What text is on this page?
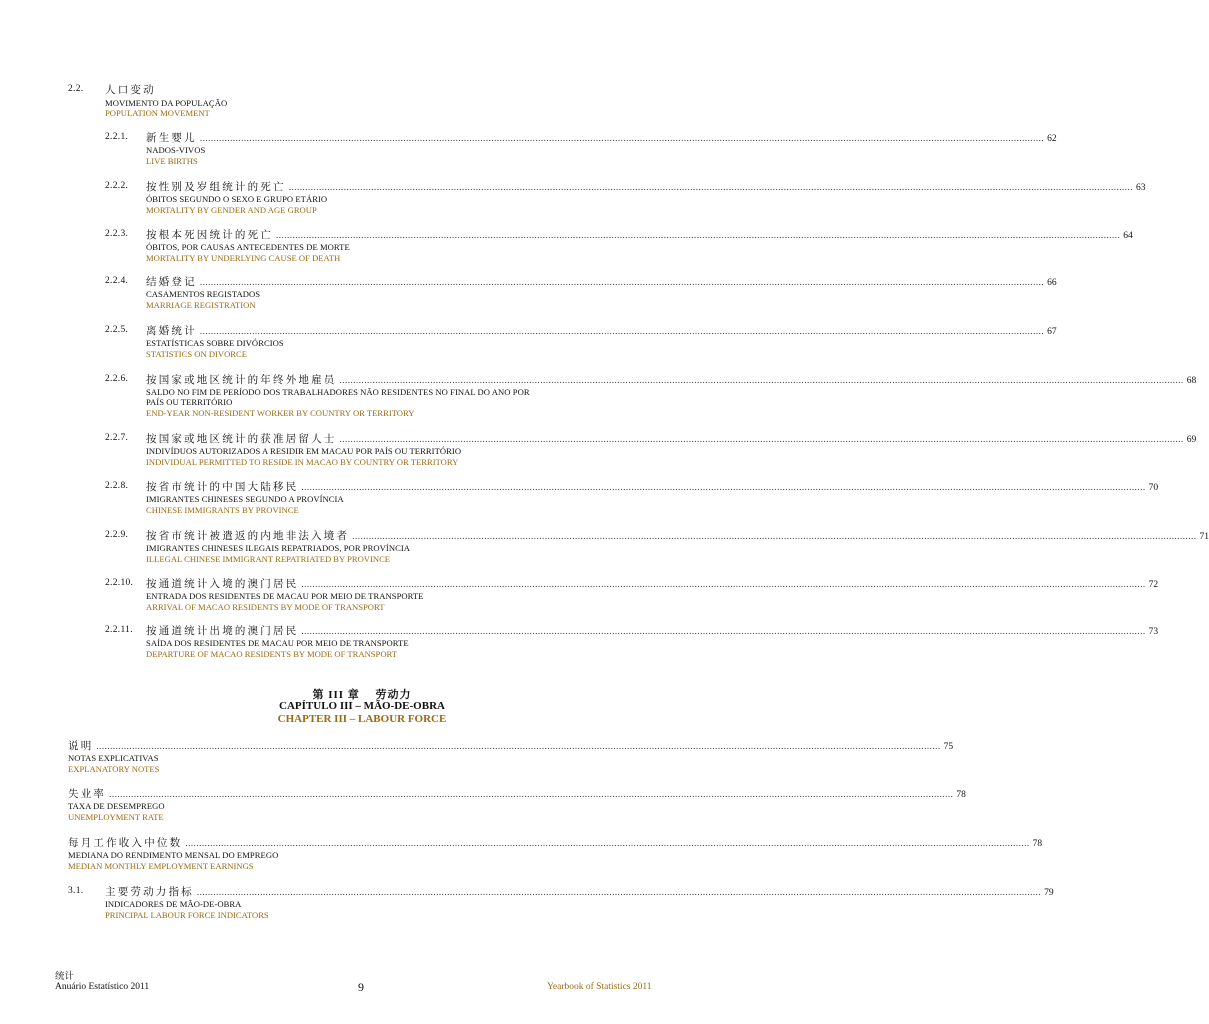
2.2. 人口变动
MOVIMENTO DA POPULAÇÃO
POPULATION MOVEMENT
2.2.1. 新生婴儿 ................................................................................................................................................................................................................................................................................................................... 62
NADOS-VIVOS
LIVE BIRTHS
2.2.2. 按性别及岁组统计的死亡 ................................................................................................................................................................................................................................................................................................................... 63
ÓBITOS SEGUNDO O SEXO E GRUPO ETÁRIO
MORTALITY BY GENDER AND AGE GROUP
2.2.3. 按根本死因统计的死亡 ................................................................................................................................................................................................................................................................................................................... 64
ÓBITOS, POR CAUSAS ANTECEDENTES DE MORTE
MORTALITY BY UNDERLYING CAUSE OF DEATH
2.2.4. 结婚登记 ................................................................................................................................................................................................................................................................................................................... 66
CASAMENTOS REGISTADOS
MARRIAGE REGISTRATION
2.2.5. 离婚统计 ................................................................................................................................................................................................................................................................................................................... 67
ESTATÍSTICAS SOBRE DIVÓRCIOS
STATISTICS ON DIVORCE
2.2.6. 按国家或地区统计的年终外地雇员 ................................................................................................................................................................................................................................................................................................................... 68
SALDO NO FIM DE PERÍODO DOS TRABALHADORES NÃO RESIDENTES NO FINAL DO ANO POR
PAÍS OU TERRITÓRIO
END-YEAR NON-RESIDENT WORKER BY COUNTRY OR TERRITORY
2.2.7. 按国家或地区统计的获准居留人士 ................................................................................................................................................................................................................................................................................................................... 69
INDIVÍDUOS AUTORIZADOS A RESIDIR EM MACAU POR PAÍS OU TERRITÓRIO
INDIVIDUAL PERMITTED TO RESIDE IN MACAO BY COUNTRY OR TERRITORY
2.2.8. 按省市统计的中国大陆移民 ................................................................................................................................................................................................................................................................................................................... 70
IMIGRANTES CHINESES SEGUNDO A PROVÍNCIA
CHINESE IMMIGRANTS BY PROVINCE
2.2.9. 按省市统计被遣返的内地非法入境者 ................................................................................................................................................................................................................................................................................................................... 71
IMIGRANTES CHINESES ILEGAIS REPATRIADOS, POR PROVÍNCIA
ILLEGAL CHINESE IMMIGRANT REPATRIATED BY PROVINCE
2.2.10. 按通道统计入境的澳门居民 ................................................................................................................................................................................................................................................................................................................... 72
ENTRADA DOS RESIDENTES DE MACAU POR MEIO DE TRANSPORTE
ARRIVAL OF MACAO RESIDENTS BY MODE OF TRANSPORT
2.2.11. 按通道统计出境的澳门居民 ................................................................................................................................................................................................................................................................................................................... 73
SAÍDA DOS RESIDENTES DE MACAU POR MEIO DE TRANSPORTE
DEPARTURE OF MACAO RESIDENTS BY MODE OF TRANSPORT
第 III 章　 劳动力
CAPÍTULO III – MÃO-DE-OBRA
CHAPTER III – LABOUR FORCE
说明 ................................................................................................................................................................................................................................................................................................................... 75
NOTAS EXPLICATIVAS
EXPLANATORY NOTES
失业率 ................................................................................................................................................................................................................................................................................................................... 78
TAXA DE DESEMPREGO
UNEMPLOYMENT RATE
每月工作收入中位数 ................................................................................................................................................................................................................................................................................................................... 78
MEDIANA DO RENDIMENTO MENSAL DO EMPREGO
MEDIAN MONTHLY EMPLOYMENT EARNINGS
3.1. 主要劳动力指标 ................................................................................................................................................................................................................................................................................................................... 79
INDICADORES DE MÃO-DE-OBRA
PRINCIPAL LABOUR FORCE INDICATORS
统计
Anuário Estatístico 2011	9	Yearbook of Statistics 2011
